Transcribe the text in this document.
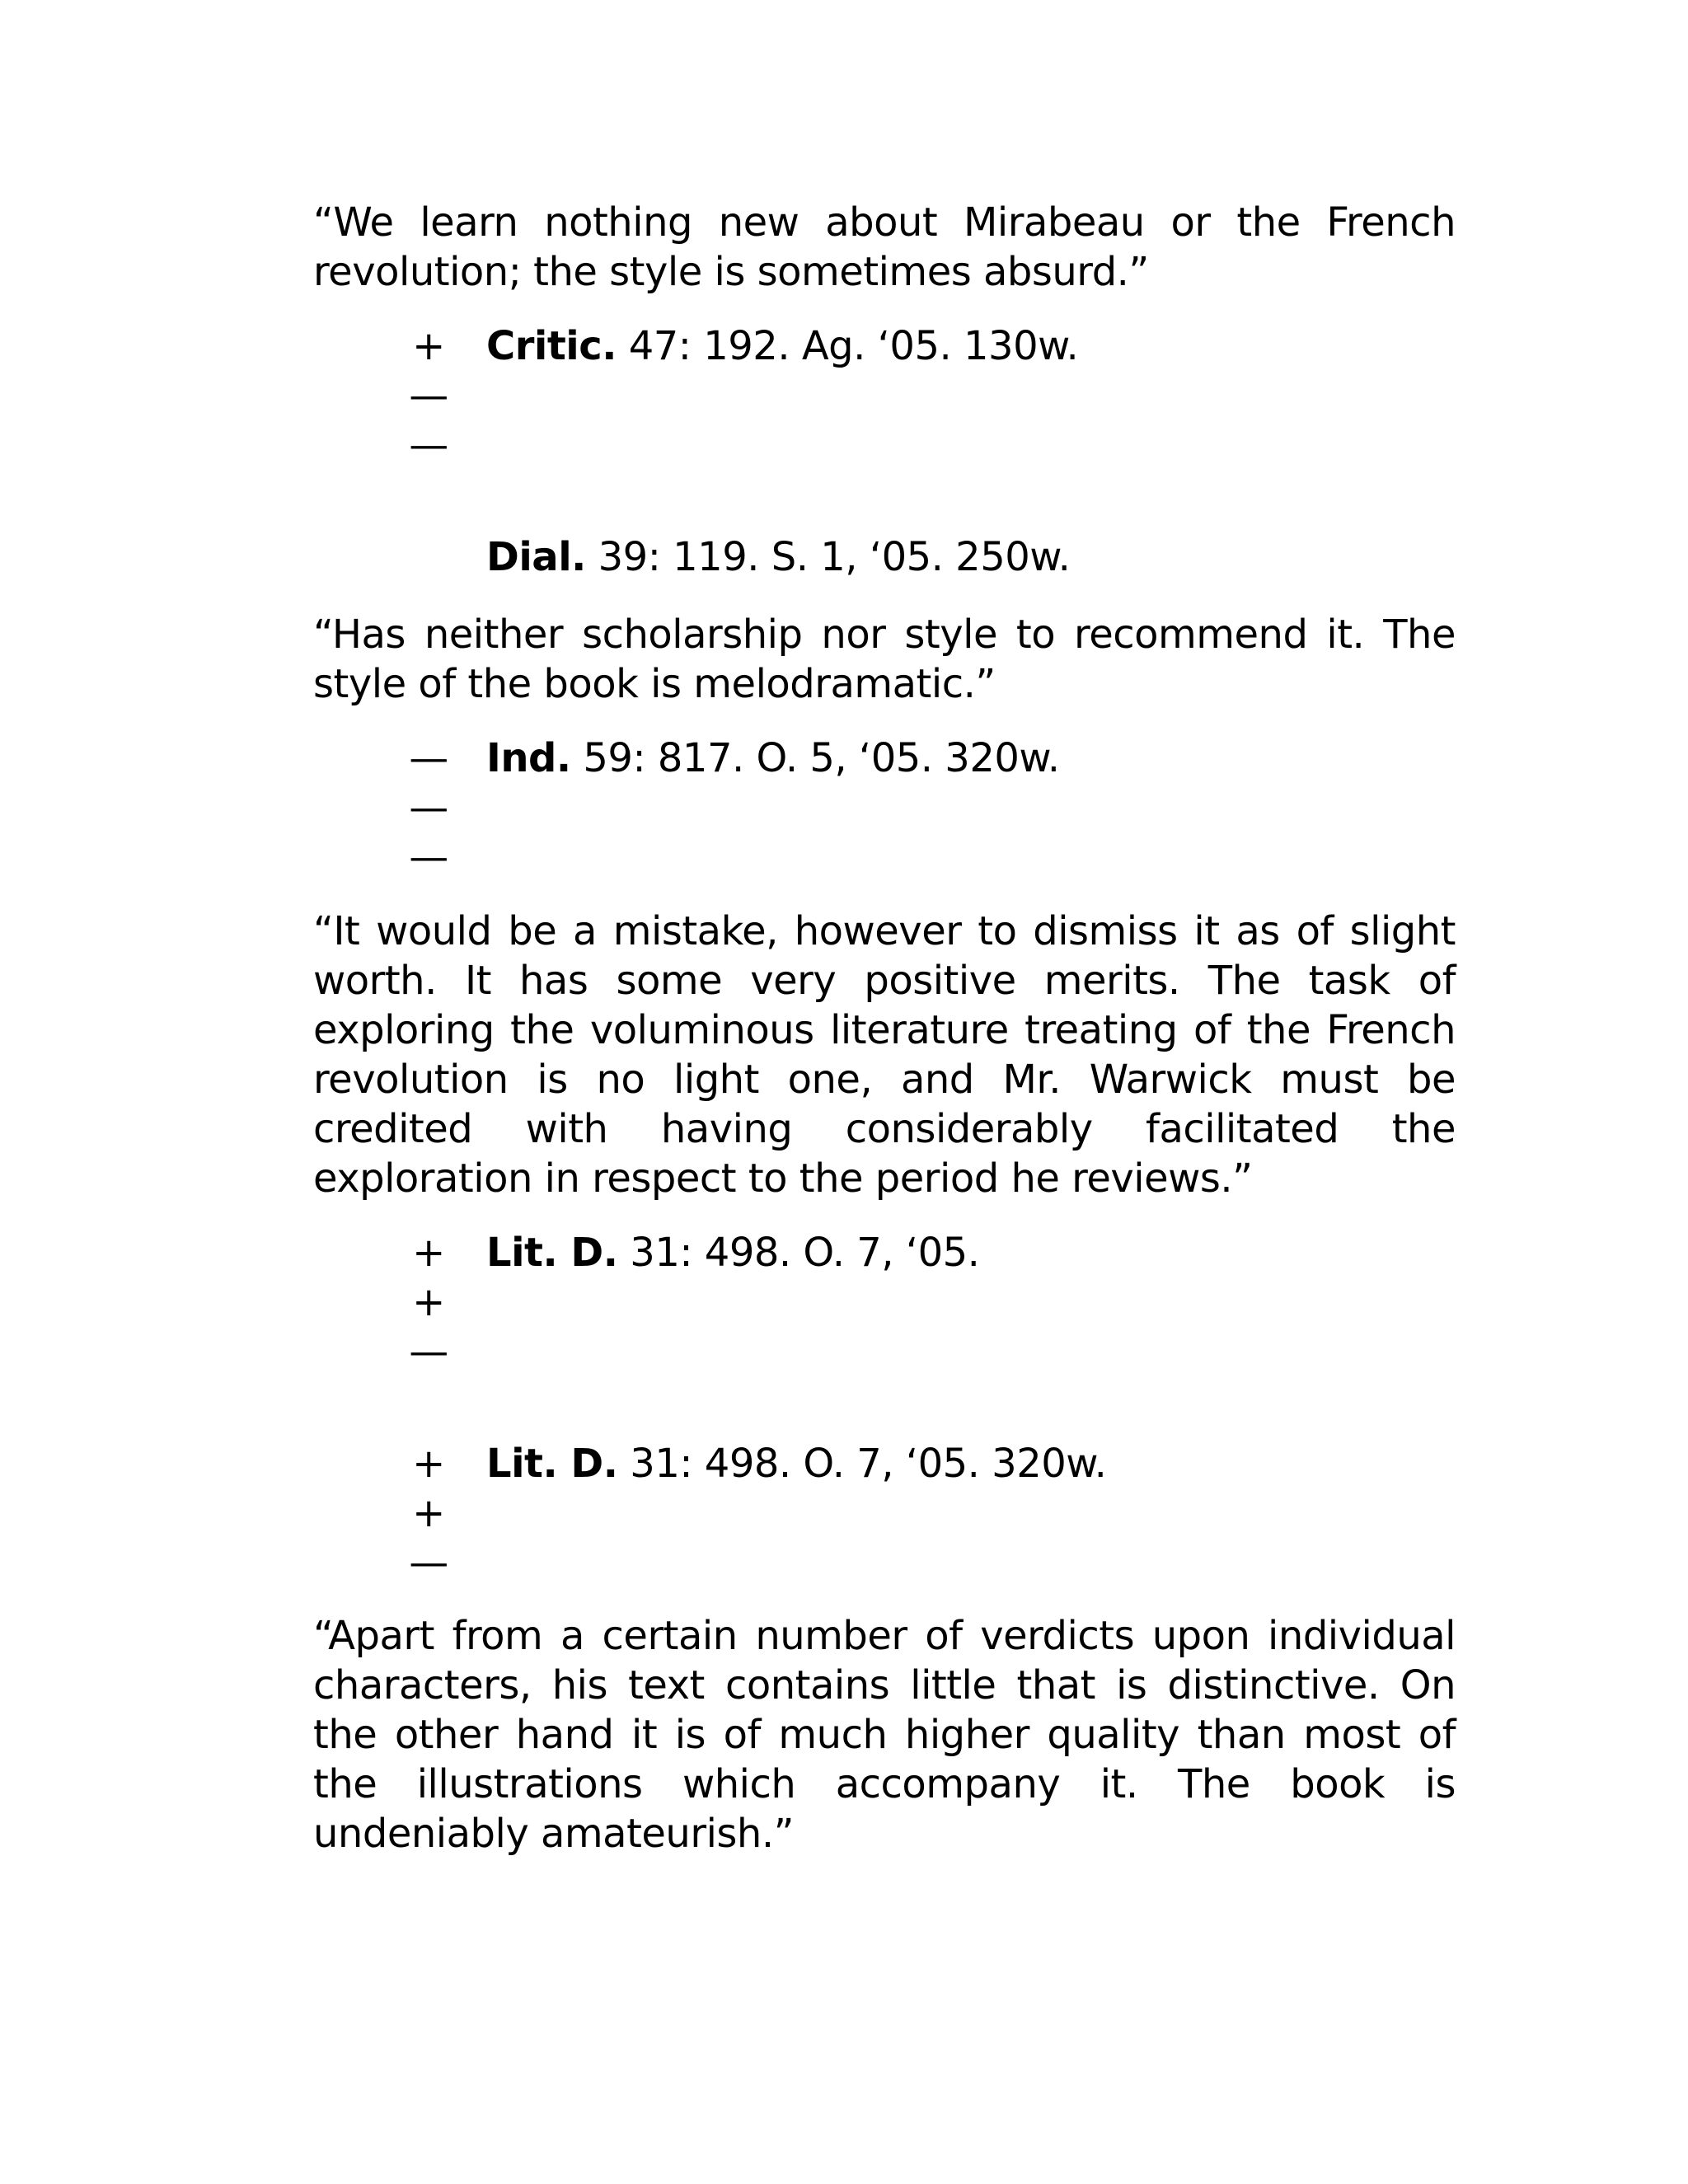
“We learn nothing new about Mirabeau or the French revolution; the style is sometimes absurd.”

+
—
—
Critic. 47: 192. Ag. ‘05. 130w.
Dial. 39: 119. S. 1, ‘05. 250w.

“Has neither scholarship nor style to recommend it. The style of the book is melodramatic.”

—
—
—
Ind. 59: 817. O. 5, ‘05. 320w.

“It would be a mistake, however to dismiss it as of slight worth. It has some very positive merits. The task of exploring the voluminous literature treating of the French revolution is no light one, and Mr. Warwick must be credited with having considerably facilitated the exploration in respect to the period he reviews.”

+
+
—
Lit. D. 31: 498. O. 7, ‘05.
+
+
—
Lit. D. 31: 498. O. 7, ‘05. 320w.

“Apart from a certain number of verdicts upon individual characters, his text contains little that is distinctive. On the other hand it is of much higher quality than most of the illustrations which accompany it. The book is undeniably amateurish.”
